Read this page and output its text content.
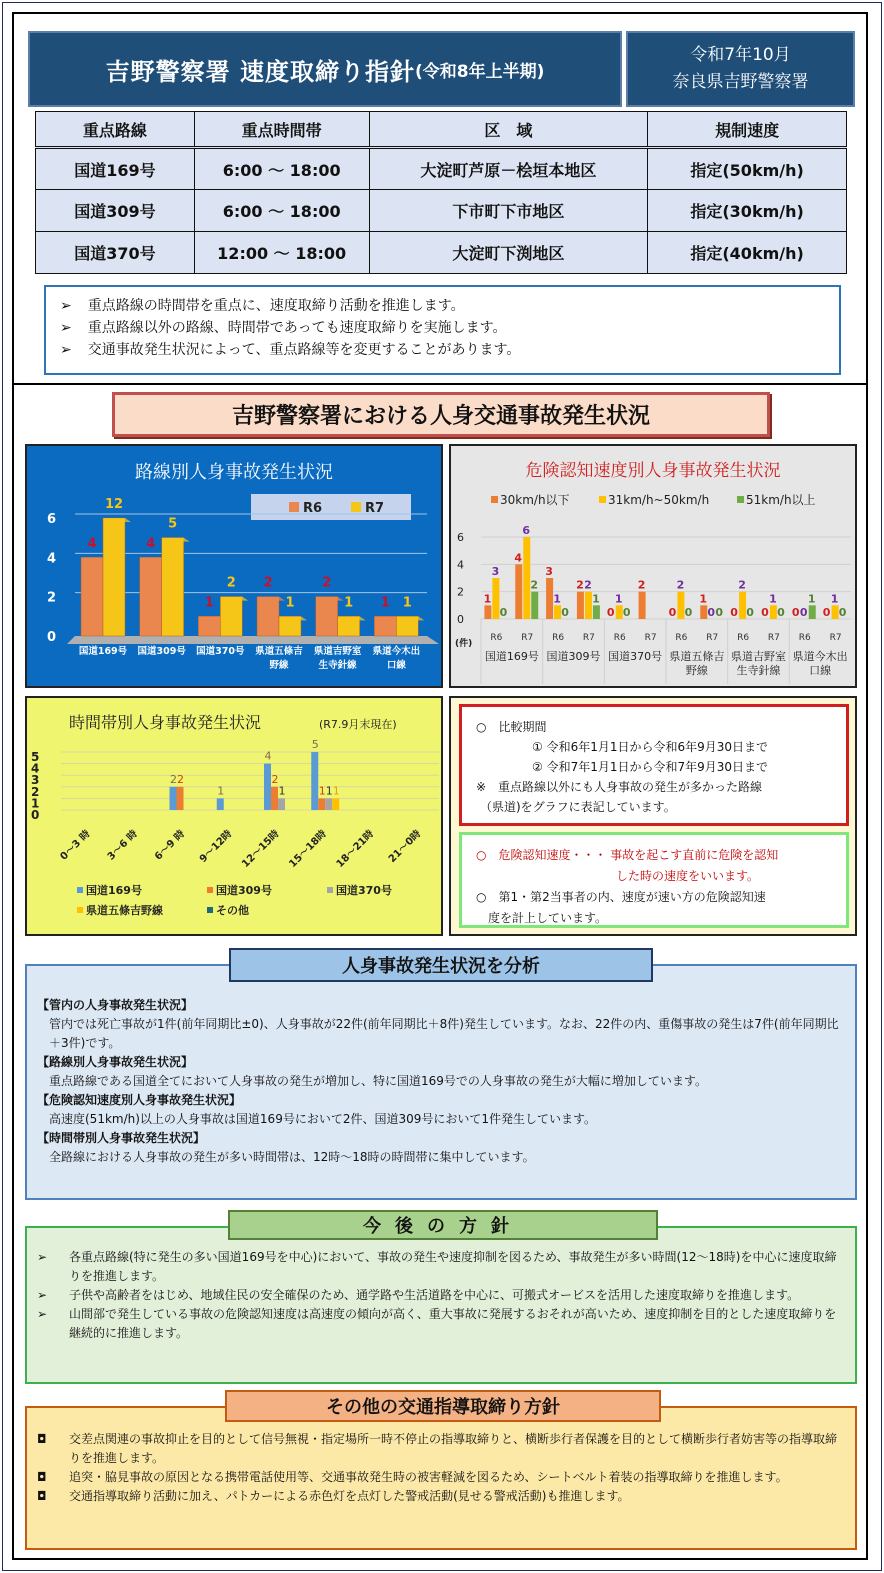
吉野警察署 速度取締り指針 (令和8年上半期)
令和7年10月
奈良県吉野警察署
重点路線	重点時間帯	区　域	規制速度
国道169号	6:00 ～ 18:00	大淀町芦原－桧垣本地区	指定(50km/h)
国道309号	6:00 ～ 18:00	下市町下市地区	指定(30km/h)
国道370号	12:00 ～ 18:00	大淀町下渕地区	指定(40km/h)
➢ 重点路線の時間帯を重点に、速度取締り活動を推進します。
➢ 重点路線以外の路線、時間帯であっても速度取締りを実施します。
➢ 交通事故発生状況によって、重点路線等を変更することがあります。
吉野警察署における人身交通事故発生状況
路線別人身事故発生状況
R6	R7
0
2
4
6
4
12
国道169号
4
5
国道309号
1
2
国道370号
2
1
県道五條吉
野線
2
1
県道吉野室
生寺針線
1 1
県道今木出
口線
危険認知速度別人身事故発生状況
30km/h以下	31km/h~50km/h	51km/h以上
0
2
4
6
(件)
1
3
0
R6
4
6
2
R7
3
1
0
R6
2 2
1
R7
0
1
0
R6
2
R7
0
2
0
R6
1
0 0
R7
0
2
0
R6
0
1
0
R7
0 0
1
R6
0
1
0
R7
国道169号 国道309号 国道370号 県道五條吉
野線
県道吉野室
生寺針線
県道今木出
口線
時間帯別人身事故発生状況	(R7.9月末現在)
0
1
2
3
4
5
0～3 時 3～6 時
2 2
6～9 時
1
9～12時
4
2
1
12～15時
5
1 1 1
15～18時 18～21時 21～0時
国道169号	国道309号	国道370号
県道五條吉野線	その他
○　比較期間
① 令和6年1月1日から令和6年9月30日まで
② 令和7年1月1日から令和7年9月30日まで
※　重点路線以外にも人身事故の発生が多かった路線
（県道)をグラフに表記しています。
○　危険認知速度・・・ 事故を起こす直前に危険を認知
した時の速度をいいます。
○　第1・第2当事者の内、速度が速い方の危険認知速
度を計上しています。
【管内の人身事故発生状況】
管内では死亡事故が1件(前年同期比±0)、人身事故が22件(前年同期比＋8件)発生しています。なお、22件の内、重傷事故の発生は7件(前年同期比＋3件)です。
【路線別人身事故発生状況】
重点路線である国道全てにおいて人身事故の発生が増加し、特に国道169号での人身事故の発生が大幅に増加しています。
【危険認知速度別人身事故発生状況】
高速度(51km/h)以上の人身事故は国道169号において2件、国道309号において1件発生しています。
【時間帯別人身事故発生状況】
全路線における人身事故の発生が多い時間帯は、12時～18時の時間帯に集中しています。
人身事故発生状況を分析
➢	各重点路線(特に発生の多い国道169号を中心)において、事故の発生や速度抑制を図るため、事故発生が多い時間(12～18時)を中心に速度取締りを推進します。
➢	子供や高齢者をはじめ、地域住民の安全確保のため、通学路や生活道路を中心に、可搬式オービスを活用した速度取締りを推進します。
➢	山間部で発生している事故の危険認知速度は高速度の傾向が高く、重大事故に発展するおそれが高いため、速度抑制を目的とした速度取締りを継続的に推進します。
今後の方針
◘	交差点関連の事故抑止を目的として信号無視・指定場所一時不停止の指導取締りと、横断歩行者保護を目的として横断歩行者妨害等の指導取締りを推進します。
◘	追突・脇見事故の原因となる携帯電話使用等、交通事故発生時の被害軽減を図るため、シートベルト着装の指導取締りを推進します。
◘	交通指導取締り活動に加え、パトカーによる赤色灯を点灯した警戒活動(見せる警戒活動)も推進します。
その他の交通指導取締り方針
